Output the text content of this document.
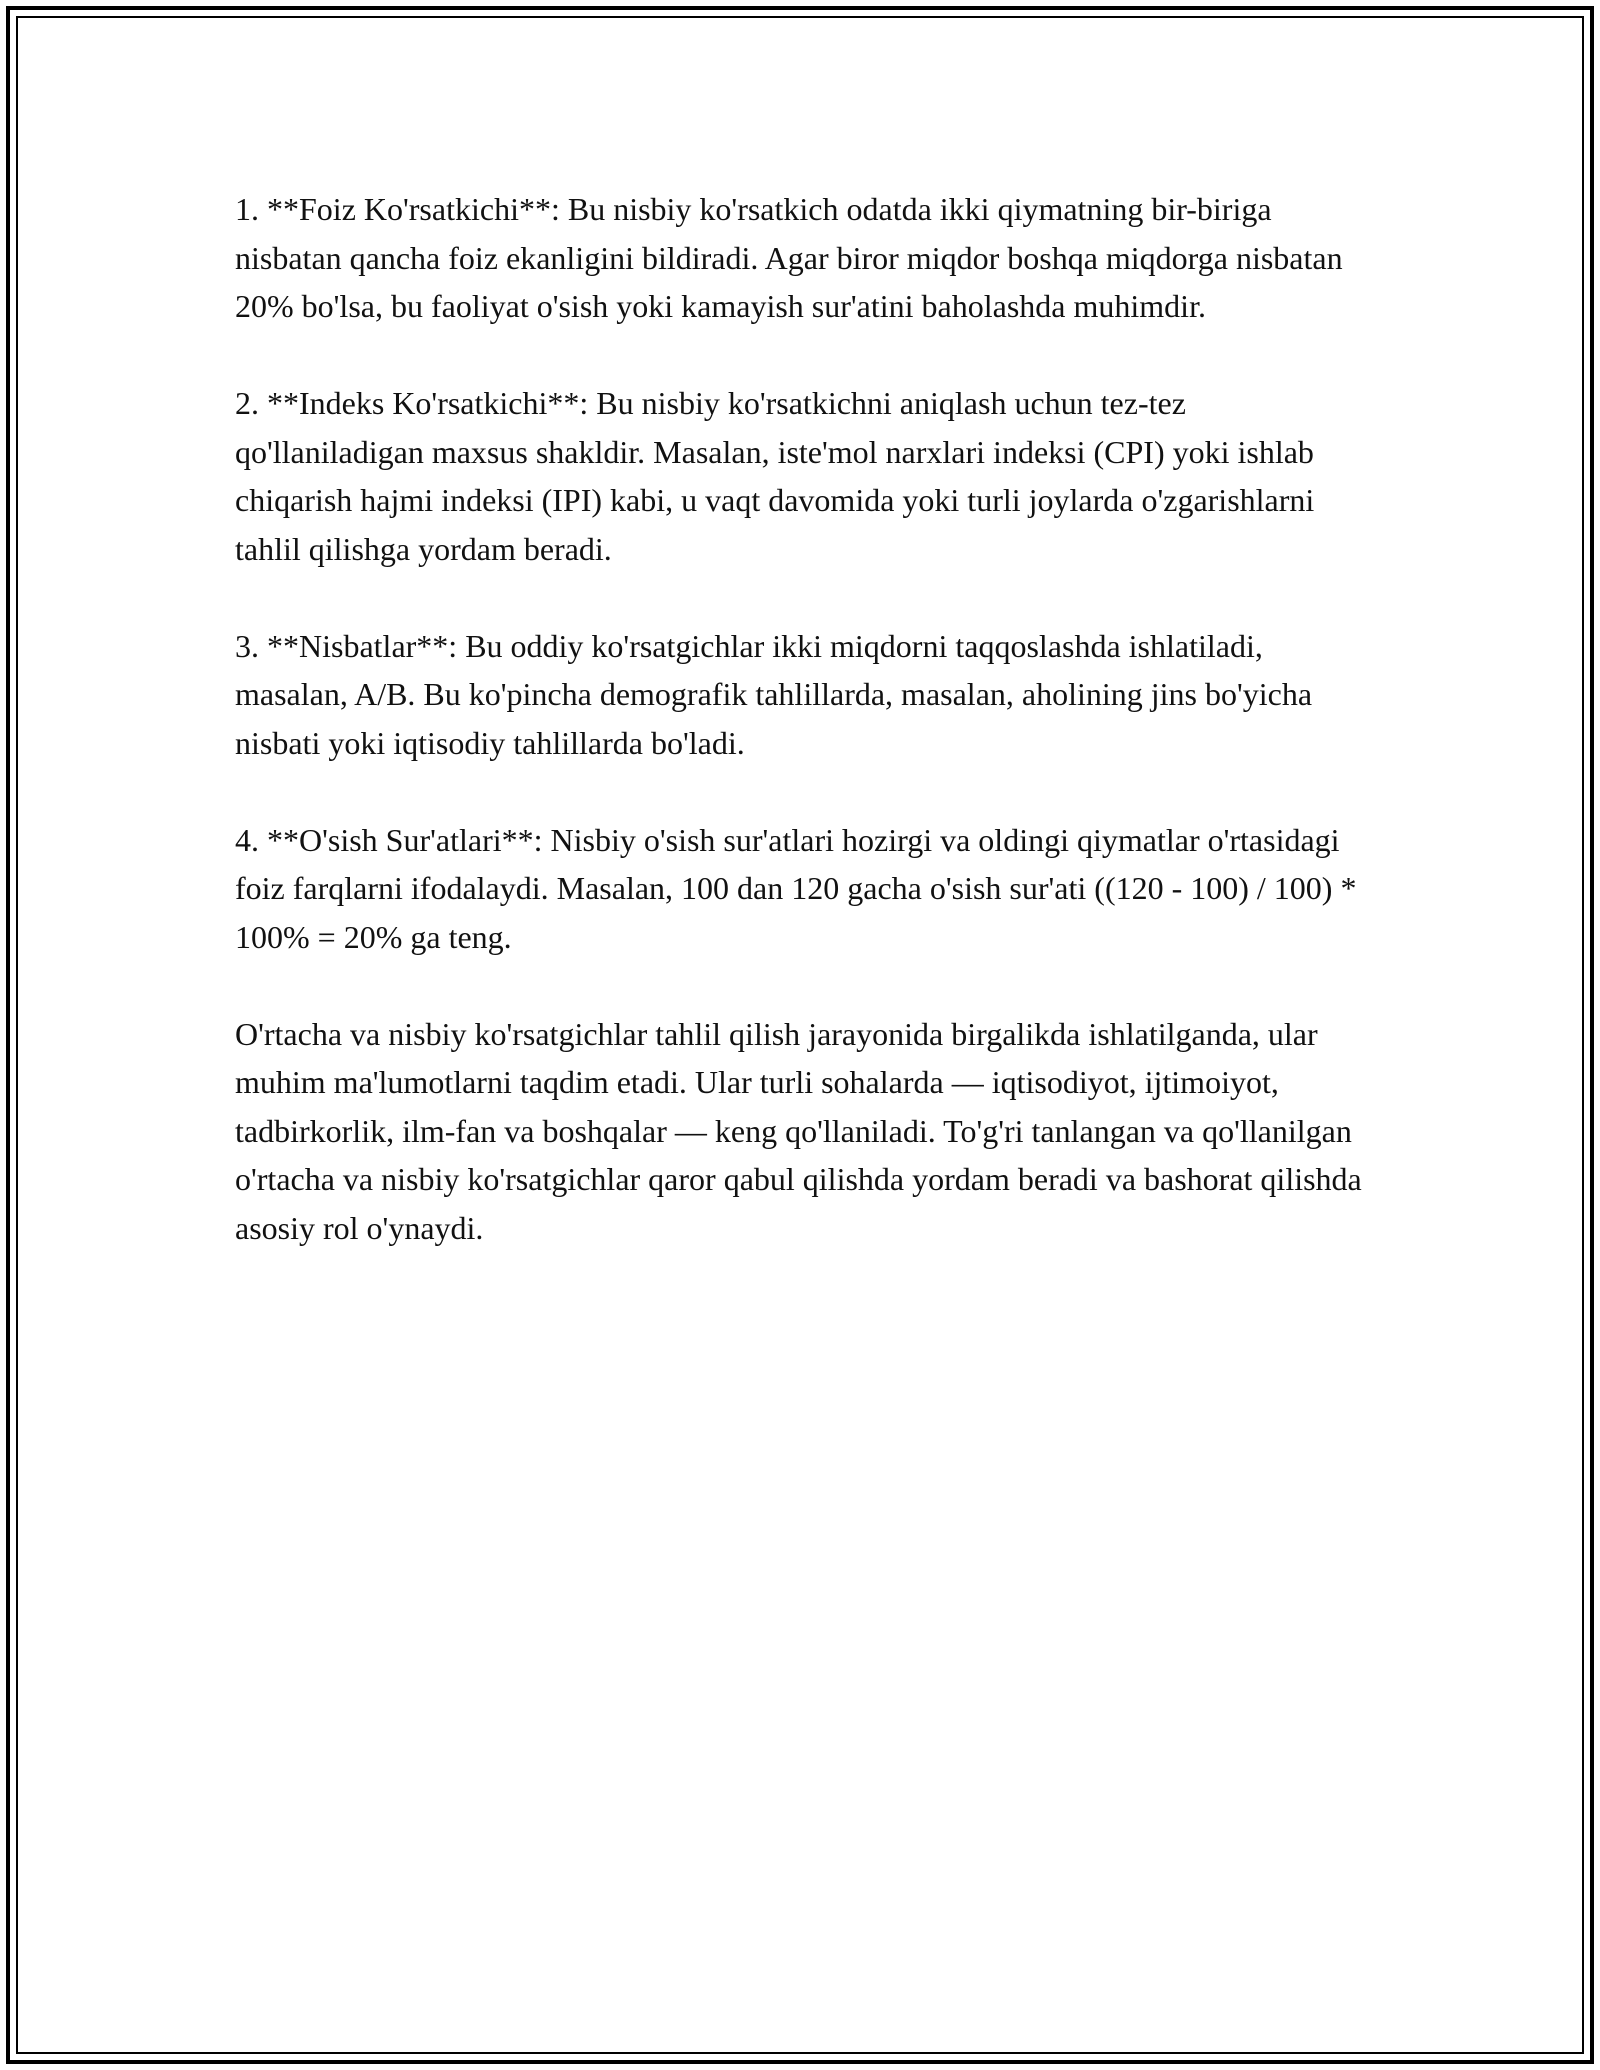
1. **Foiz Ko'rsatkichi**: Bu nisbiy ko'rsatkich odatda ikki qiymatning bir-biriga nisbatan qancha foiz ekanligini bildiradi. Agar biror miqdor boshqa miqdorga nisbatan 20% bo'lsa, bu faoliyat o'sish yoki kamayish sur'atini baholashda muhimdir.

2. **Indeks Ko'rsatkichi**: Bu nisbiy ko'rsatkichni aniqlash uchun tez-tez qo'llaniladigan maxsus shakldir. Masalan, iste'mol narxlari indeksi (CPI) yoki ishlab chiqarish hajmi indeksi (IPI) kabi, u vaqt davomida yoki turli joylarda o'zgarishlarni tahlil qilishga yordam beradi.

3. **Nisbatlar**: Bu oddiy ko'rsatgichlar ikki miqdorni taqqoslashda ishlatiladi, masalan, A/B. Bu ko'pincha demografik tahlillarda, masalan, aholining jins bo'yicha nisbati yoki iqtisodiy tahlillarda bo'ladi.

4. **O'sish Sur'atlari**: Nisbiy o'sish sur'atlari hozirgi va oldingi qiymatlar o'rtasidagi foiz farqlarni ifodalaydi. Masalan, 100 dan 120 gacha o'sish sur'ati ((120 - 100) / 100) * 100% = 20% ga teng.

O'rtacha va nisbiy ko'rsatgichlar tahlil qilish jarayonida birgalikda ishlatilganda, ular muhim ma'lumotlarni taqdim etadi. Ular turli sohalarda — iqtisodiyot, ijtimoiyot, tadbirkorlik, ilm-fan va boshqalar — keng qo'llaniladi. To'g'ri tanlangan va qo'llanilgan o'rtacha va nisbiy ko'rsatgichlar qaror qabul qilishda yordam beradi va bashorat qilishda asosiy rol o'ynaydi.
